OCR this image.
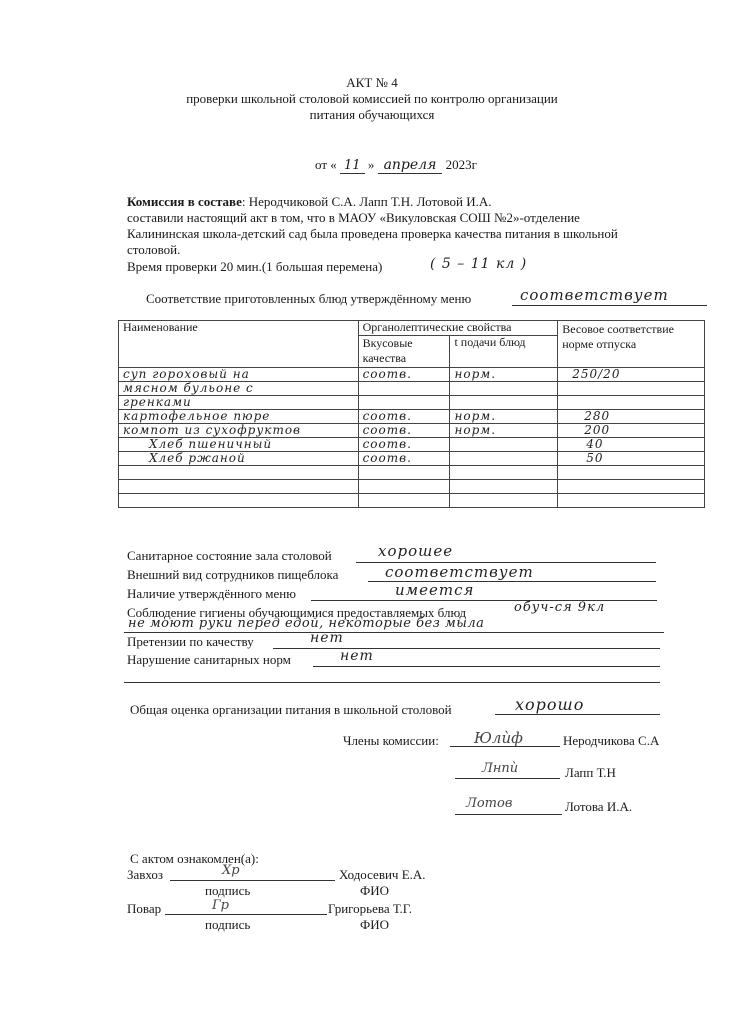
АКТ № 4
проверки школьной столовой комиссией по контролю организации
питания обучающихся
от « 11 » апреля 2023г
Комиссия в составе: Неродчиковой С.А. Лапп Т.Н. Лотовой И.А.
составили настоящий акт в том, что в МАОУ «Викуловская СОШ №2»-отделение
Калининская школа-детский сад была проведена проверка качества питания в школьной
столовой.
Время проверки 20 мин.(1 большая перемена)	( 5 – 11 кл )
Соответствие приготовленных блюд утверждённому меню	соответствует
Наименование	Органолептические свойства		Весовое соответствие норме отпуска
	Вкусовые качества	t подачи блюд	
суп гороховый на	соотв.	норм.	250/20
мясном бульоне с			
гренками			
картофельное пюре	соотв.	норм.	280
компот из сухофруктов	соотв.	норм.	200
Хлеб пшеничный	соотв.		40
Хлеб ржаной	соотв.		50

Санитарное состояние зала столовой	хорошее
Внешний вид сотрудников пищеблока	соответствует
Наличие утверждённого меню	имеется
Соблюдение гигиены обучающимися предоставляемых блюд	обуч-ся 9кл
не моют руки перед едой, некоторые без мыла
Претензии по качеству	нет
Нарушение санитарных норм	нет
Общая оценка организации питания в школьной столовой	хорошо
Члены комиссии: Юлѝф	Неродчикова С.А
Лнпѝ	Лапп Т.Н
Лотов	Лотова И.А.
С актом ознакомлен(а):
Завхоз	Хр	Ходосевич Е.А.
подпись	ФИО
Повар	Гр	Григорьева Т.Г.
подпись	ФИО
